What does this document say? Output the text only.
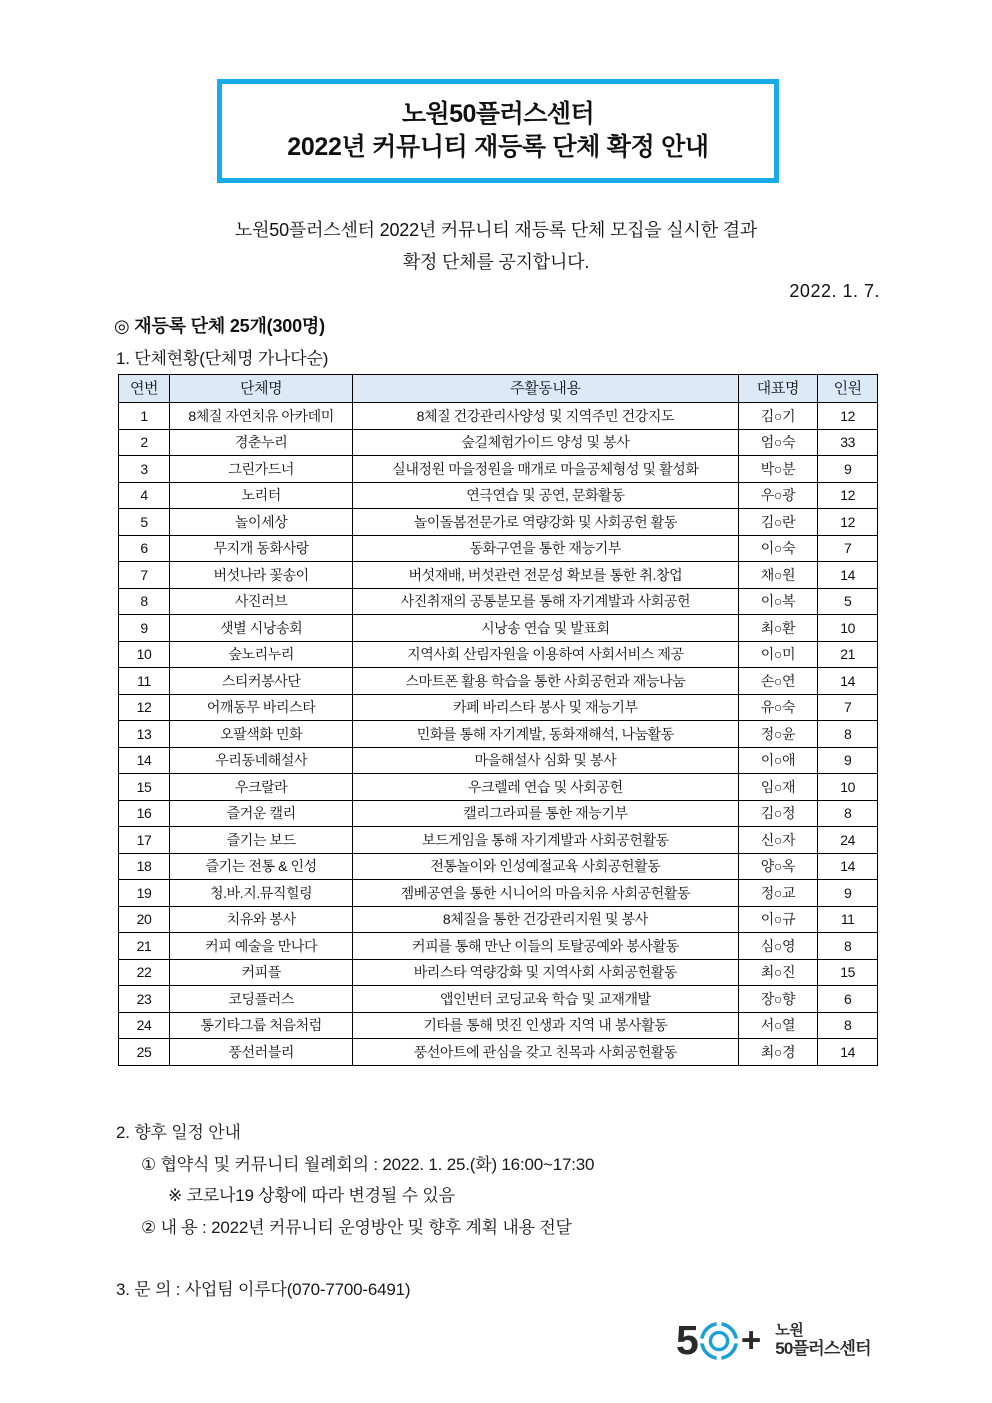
노원50플러스센터
2022년 커뮤니티 재등록 단체 확정 안내
노원50플러스센터 2022년 커뮤니티 재등록 단체 모집을 실시한 결과
확정 단체를 공지합니다.
2022. 1. 7.
◎ 재등록 단체 25개(300명)
1. 단체현황(단체명 가나다순)
연번	단체명	주활동내용	대표명	인원
1	8체질 자연치유 아카데미	8체질 건강관리사양성 및 지역주민 건강지도	김○기	12
2	경춘누리	숲길체험가이드 양성 및 봉사	엄○숙	33
3	그린가드너	실내정원 마을정원을 매개로 마을공체형성 및 활성화	박○분	9
4	노리터	연극연습 및 공연, 문화활동	우○광	12
5	놀이세상	놀이돌봄전문가로 역량강화 및 사회공헌 활동	김○란	12
6	무지개 동화사랑	동화구연을 통한 재능기부	이○숙	7
7	버섯나라 꽃송이	버섯재배, 버섯관련 전문성 확보를 통한 취.창업	채○원	14
8	사진러브	사진취재의 공통분모를 통해 자기계발과 사회공헌	이○복	5
9	샛별 시낭송회	시낭송 연습 및 발표회	최○환	10
10	숲노리누리	지역사회 산림자원을 이용하여 사회서비스 제공	이○미	21
11	스티커봉사단	스마트폰 활용 학습을 통한 사회공헌과 재능나눔	손○연	14
12	어깨동무 바리스타	카페 바리스타 봉사 및 재능기부	유○숙	7
13	오팔색화 민화	민화를 통해 자기계발, 동화재해석, 나눔활동	정○윤	8
14	우리동네해설사	마을해설사 심화 및 봉사	이○애	9
15	우크랄라	우크렐레 연습 및 사회공헌	임○재	10
16	즐거운 캘리	캘리그라피를 통한 재능기부	김○정	8
17	즐기는 보드	보드게임을 통해 자기계발과 사회공헌활동	신○자	24
18	즐기는 전통 & 인성	전통놀이와 인성예절교육 사회공헌활동	양○옥	14
19	청.바.지.뮤직힐링	젬베공연을 통한 시니어의 마음치유 사회공헌활동	정○교	9
20	치유와 봉사	8체질을 통한 건강관리지원 및 봉사	이○규	11
21	커피 예술을 만나다	커피를 통해 만난 이들의 토탈공예와 봉사활동	심○영	8
22	커피플	바리스타 역량강화 및 지역사회 사회공헌활동	최○진	15
23	코딩플러스	앱인번터 코딩교육 학습 및 교재개발	장○향	6
24	통기타그룹 처음처럼	기타를 통해 멋진 인생과 지역 내 봉사활동	서○열	8
25	풍선러블리	풍선아트에 관심을 갖고 친목과 사회공헌활동	최○경	14
2. 향후 일정 안내
① 협약식 및 커뮤니티 월례회의 : 2022. 1. 25.(화) 16:00~17:30
※ 코로나19 상황에 따라 변경될 수 있음
② 내 용 : 2022년 커뮤니티 운영방안 및 향후 계획 내용 전달
3. 문 의 : 사업팀 이루다(070-7700-6491)
5 + 노원
50플러스센터
